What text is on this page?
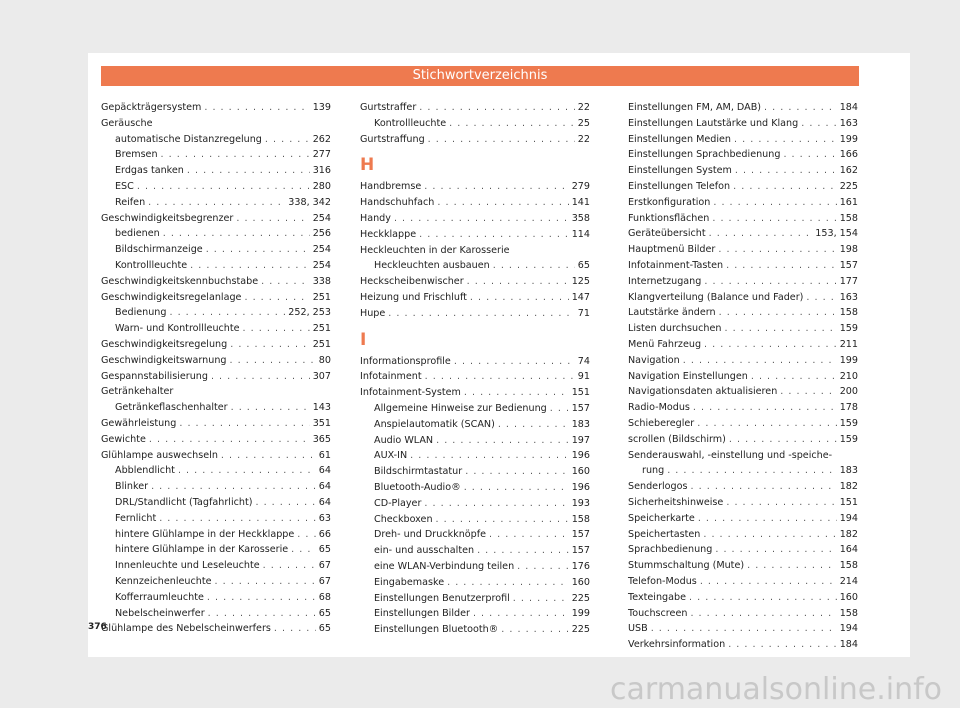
Stichwortverzeichnis
Gepäckträgersystem . . .	139
Geräusche
automatische Distanzregelung . . .	262
Bremsen . . .	277
Erdgas tanken . . .	316
ESC . . .	280
Reifen . . .	338, 342
Geschwindigkeitsbegrenzer . . .	254
bedienen . . .	256
Bildschirmanzeige . . .	254
Kontrollleuchte . . .	254
Geschwindigkeitskennbuchstabe . . .	338
Geschwindigkeitsregelanlage . . .	251
Bedienung . . .	252, 253
Warn- und Kontrollleuchte . . .	251
Geschwindigkeitsregelung . . .	251
Geschwindigkeitswarnung . . .	80
Gespannstabilisierung . . .	307
Getränkehalter
Getränkeflaschenhalter . . .	143
Gewährleistung . . .	351
Gewichte . . .	365
Glühlampe auswechseln . . .	61
Abblendlicht . . .	64
Blinker . . .	64
DRL/Standlicht (Tagfahrlicht) . . .	64
Fernlicht . . .	63
hintere Glühlampe in der Heckklappe . . .	66
hintere Glühlampe in der Karosserie . . .	65
Innenleuchte und Leseleuchte . . .	67
Kennzeichenleuchte . . .	67
Kofferraumleuchte . . .	68
Nebelscheinwerfer . . .	65
Glühlampe des Nebelscheinwerfers . . .	65
Gurtstraffer . . .	22
Kontrollleuchte . . .	25
Gurtstraffung . . .	22
H
Handbremse . . .	279
Handschuhfach . . .	141
Handy . . .	358
Heckklappe . . .	114
Heckleuchten in der Karosserie
Heckleuchten ausbauen . . .	65
Heckscheibenwischer . . .	125
Heizung und Frischluft . . .	147
Hupe . . .	71
I
Informationsprofile . . .	74
Infotainment . . .	91
Infotainment-System . . .	151
Allgemeine Hinweise zur Bedienung . . .	157
Anspielautomatik (SCAN) . . .	183
Audio WLAN . . .	197
AUX-IN . . .	196
Bildschirmtastatur . . .	160
Bluetooth-Audio® . . .	196
CD-Player . . .	193
Checkboxen . . .	158
Dreh- und Druckknöpfe . . .	157
ein- und ausschalten . . .	157
eine WLAN-Verbindung teilen . . .	176
Eingabemaske . . .	160
Einstellungen Benutzerprofil . . .	225
Einstellungen Bilder . . .	199
Einstellungen Bluetooth® . . .	225
Einstellungen FM, AM, DAB) . . .	184
Einstellungen Lautstärke und Klang . . .	163
Einstellungen Medien . . .	199
Einstellungen Sprachbedienung . . .	166
Einstellungen System . . .	162
Einstellungen Telefon . . .	225
Erstkonfiguration . . .	161
Funktionsflächen . . .	158
Geräteübersicht . . .	153, 154
Hauptmenü Bilder . . .	198
Infotainment-Tasten . . .	157
Internetzugang . . .	177
Klangverteilung (Balance und Fader) . . .	163
Lautstärke ändern . . .	158
Listen durchsuchen . . .	159
Menü Fahrzeug . . .	211
Navigation . . .	199
Navigation Einstellungen . . .	210
Navigationsdaten aktualisieren . . .	200
Radio-Modus . . .	178
Schieberegler . . .	159
scrollen (Bildschirm) . . .	159
Senderauswahl, -einstellung und -speiche-
rung . . .	183
Senderlogos . . .	182
Sicherheitshinweise . . .	151
Speicherkarte . . .	194
Speichertasten . . .	182
Sprachbedienung . . .	164
Stummschaltung (Mute) . . .	158
Telefon-Modus . . .	214
Texteingabe . . .	160
Touchscreen . . .	158
USB . . .	194
Verkehrsinformation . . .	184
376
carmanualsonline.info
